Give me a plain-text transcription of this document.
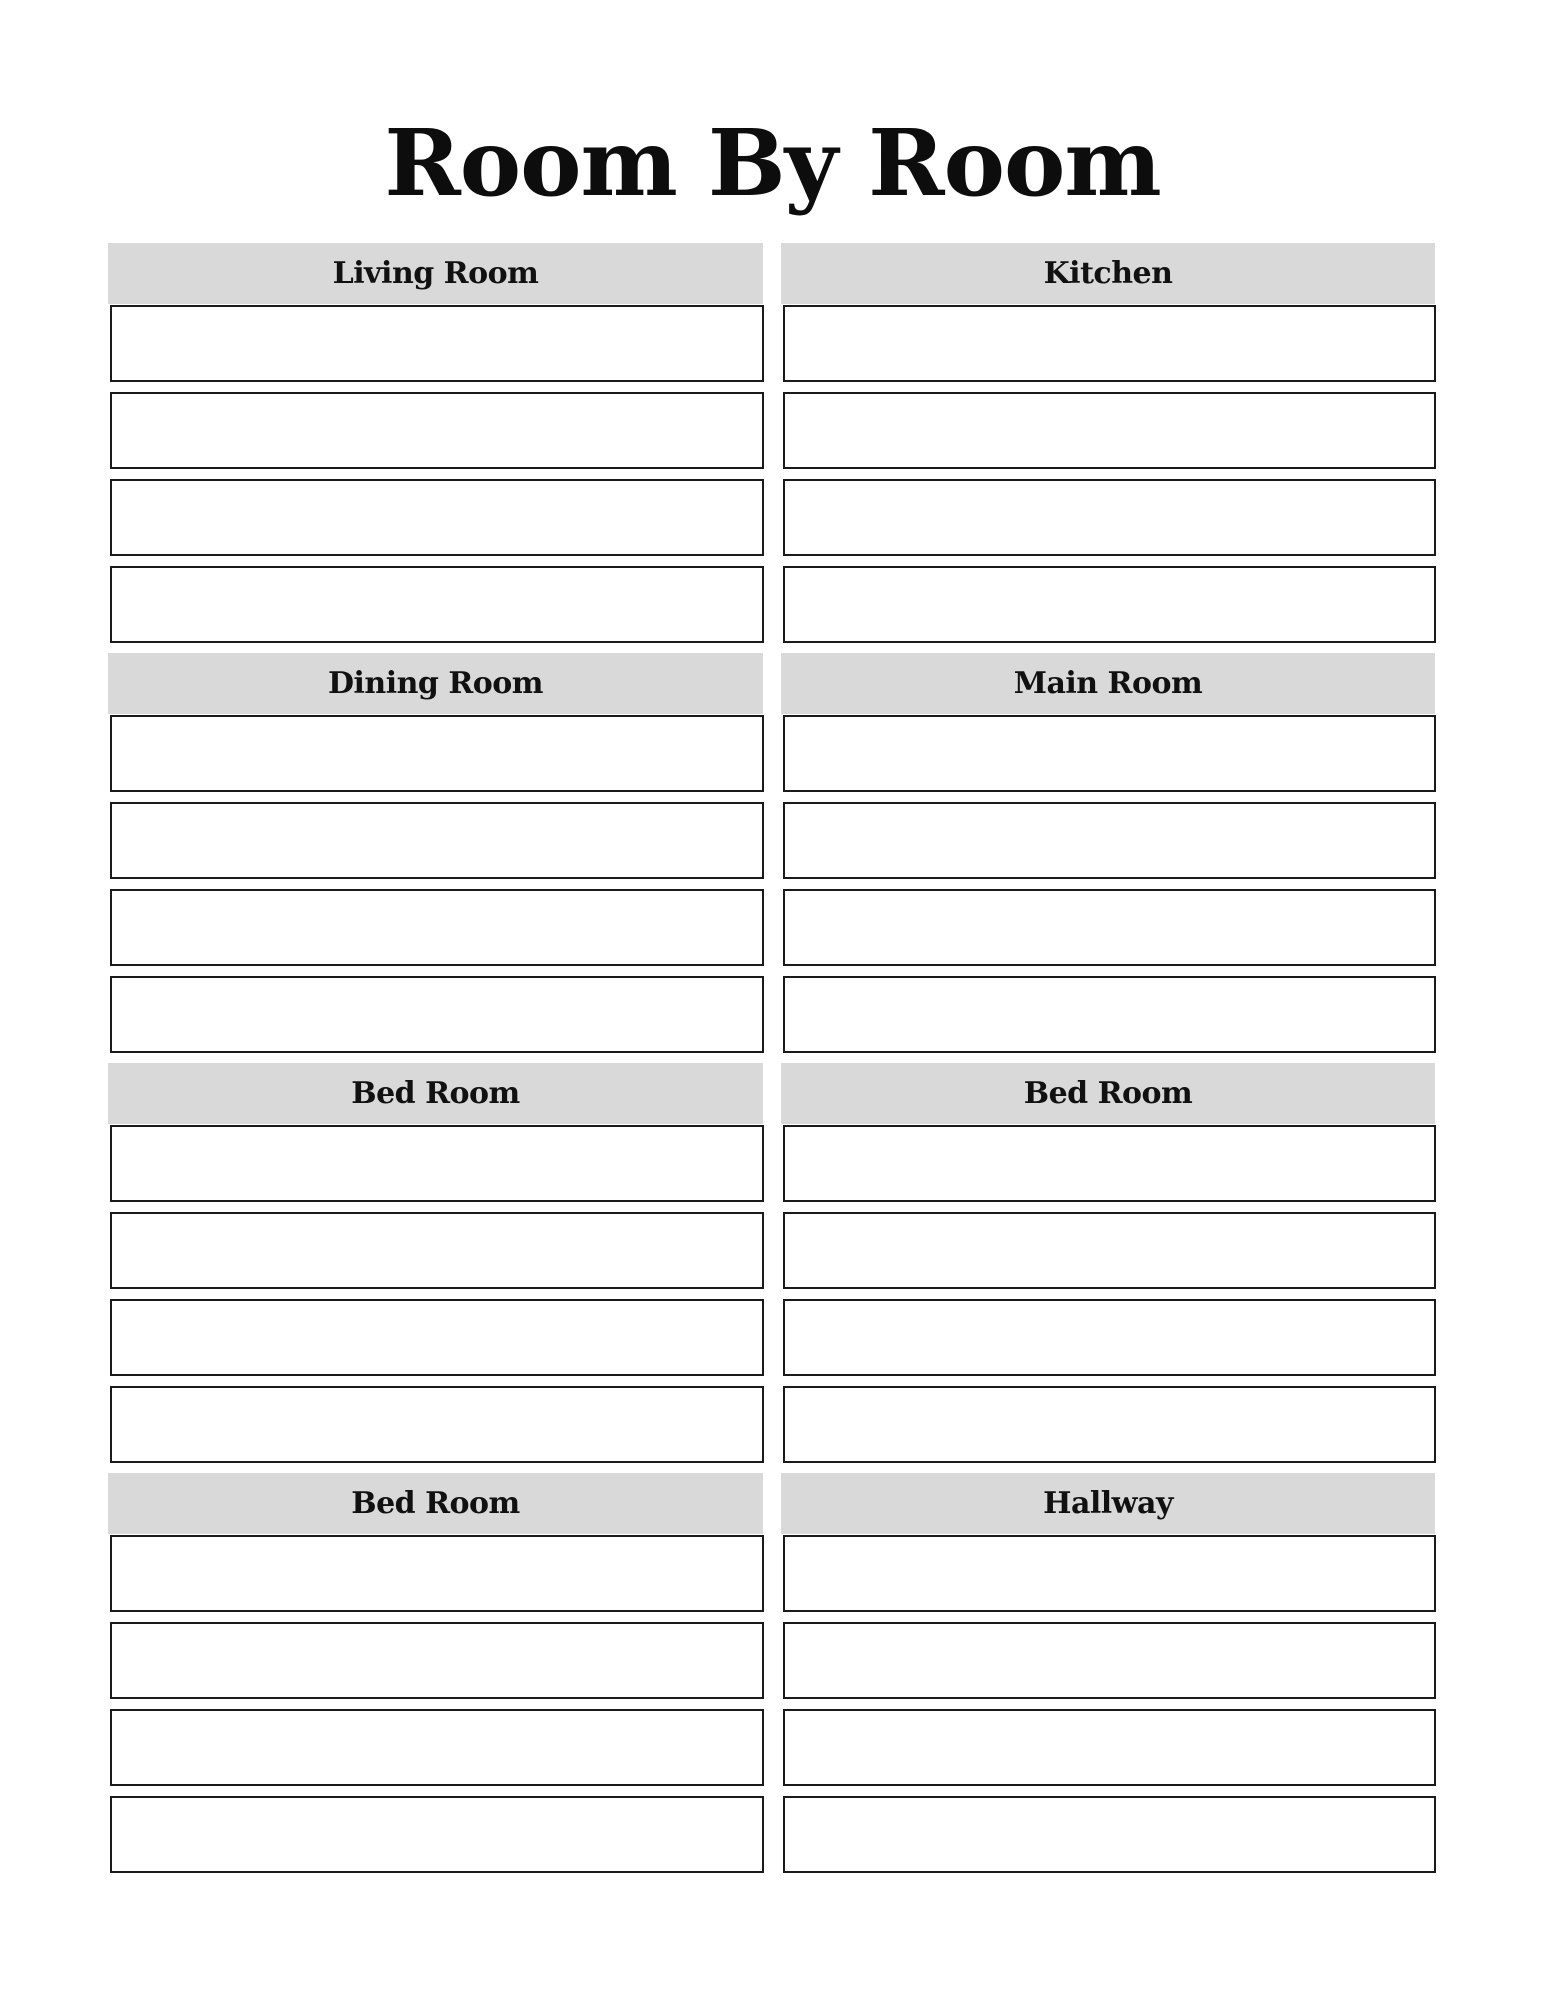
Room By Room
Living Room	Kitchen
Dining Room	Main Room
Bed Room	Bed Room
Bed Room	Hallway
